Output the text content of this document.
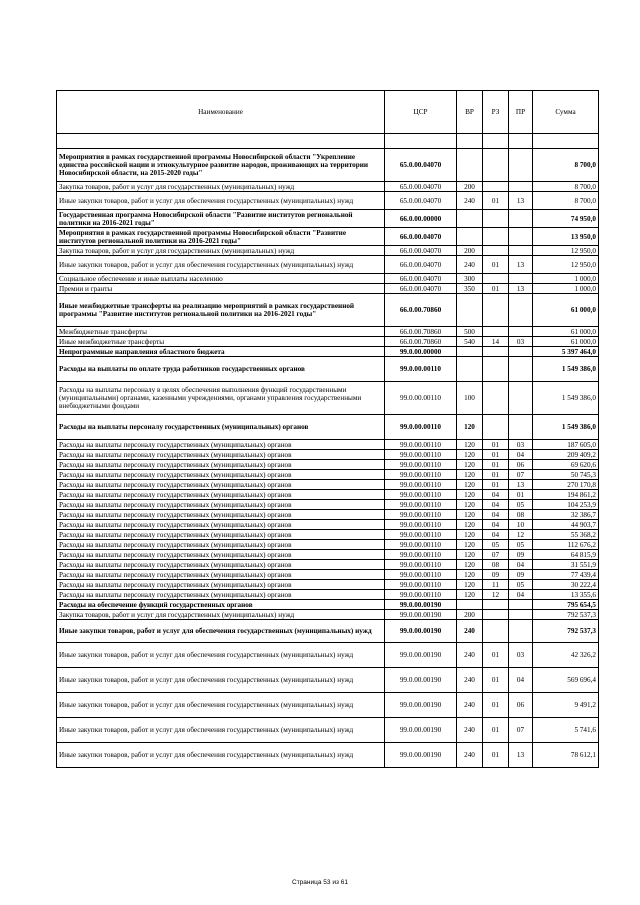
Наименование	ЦСР	ВР	РЗ	ПР	Сумма

Мероприятия в рамках государственной программы Новосибирской области "Укрепление единства российской нации и этнокультурное развитие народов, проживающих на территории Новосибирской области, на 2015-2020 годы"	65.0.00.04070				8 700,0
Закупка товаров, работ и услуг для государственных (муниципальных) нужд	65.0.00.04070	200			8 700,0
Иные закупки товаров, работ и услуг для обеспечения государственных (муниципальных) нужд	65.0.00.04070	240	01	13	8 700,0
Государственная программа Новосибирской области "Развитие институтов региональной политики на 2016-2021 годы"	66.0.00.00000				74 950,0
Мероприятия в рамках государственной программы Новосибирской области "Развитие институтов региональной политики на 2016-2021 годы"	66.0.00.04070				13 950,0
Закупка товаров, работ и услуг для государственных (муниципальных) нужд	66.0.00.04070	200			12 950,0
Иные закупки товаров, работ и услуг для обеспечения государственных (муниципальных) нужд	66.0.00.04070	240	01	13	12 950,0
Социальное обеспечение и иные выплаты населению	66.0.00.04070	300			1 000,0
Премии и гранты	66.0.00.04070	350	01	13	1 000,0
Иные межбюджетные трансферты на реализацию мероприятий в рамках государственной программы "Развитие институтов региональной политики на 2016-2021 годы"	66.0.00.70860				61 000,0
Межбюджетные трансферты	66.0.00.70860	500			61 000,0
Иные межбюджетные трансферты	66.0.00.70860	540	14	03	61 000,0
Непрограммные направления областного бюджета	99.0.00.00000				5 397 464,0
Расходы на выплаты по оплате труда работников государственных органов	99.0.00.00110				1 549 386,0
Расходы на выплаты персоналу в целях обеспечения выполнения функций государственными (муниципальными) органами, казенными учреждениями, органами управления государственными внебюджетными фондами	99.0.00.00110	100			1 549 386,0
Расходы на выплаты персоналу государственных (муниципальных) органов	99.0.00.00110	120			1 549 386,0
Расходы на выплаты персоналу государственных (муниципальных) органов	99.0.00.00110	120	01	03	187 605,0
Расходы на выплаты персоналу государственных (муниципальных) органов	99.0.00.00110	120	01	04	209 409,2
Расходы на выплаты персоналу государственных (муниципальных) органов	99.0.00.00110	120	01	06	69 620,6
Расходы на выплаты персоналу государственных (муниципальных) органов	99.0.00.00110	120	01	07	50 745,3
Расходы на выплаты персоналу государственных (муниципальных) органов	99.0.00.00110	120	01	13	270 170,8
Расходы на выплаты персоналу государственных (муниципальных) органов	99.0.00.00110	120	04	01	194 861,2
Расходы на выплаты персоналу государственных (муниципальных) органов	99.0.00.00110	120	04	05	104 253,9
Расходы на выплаты персоналу государственных (муниципальных) органов	99.0.00.00110	120	04	08	32 386,7
Расходы на выплаты персоналу государственных (муниципальных) органов	99.0.00.00110	120	04	10	44 903,7
Расходы на выплаты персоналу государственных (муниципальных) органов	99.0.00.00110	120	04	12	55 368,2
Расходы на выплаты персоналу государственных (муниципальных) органов	99.0.00.00110	120	05	05	112 676,2
Расходы на выплаты персоналу государственных (муниципальных) органов	99.0.00.00110	120	07	09	64 815,9
Расходы на выплаты персоналу государственных (муниципальных) органов	99.0.00.00110	120	08	04	31 551,9
Расходы на выплаты персоналу государственных (муниципальных) органов	99.0.00.00110	120	09	09	77 439,4
Расходы на выплаты персоналу государственных (муниципальных) органов	99.0.00.00110	120	11	05	30 222,4
Расходы на выплаты персоналу государственных (муниципальных) органов	99.0.00.00110	120	12	04	13 355,6
Расходы на обеспечение функций государственных органов	99.0.00.00190				795 654,5
Закупка товаров, работ и услуг для государственных (муниципальных) нужд	99.0.00.00190	200			792 537,3
Иные закупки товаров, работ и услуг для обеспечения государственных (муниципальных) нужд	99.0.00.00190	240			792 537,3
Иные закупки товаров, работ и услуг для обеспечения государственных (муниципальных) нужд	99.0.00.00190	240	01	03	42 326,2
Иные закупки товаров, работ и услуг для обеспечения государственных (муниципальных) нужд	99.0.00.00190	240	01	04	569 696,4
Иные закупки товаров, работ и услуг для обеспечения государственных (муниципальных) нужд	99.0.00.00190	240	01	06	9 491,2
Иные закупки товаров, работ и услуг для обеспечения государственных (муниципальных) нужд	99.0.00.00190	240	01	07	5 741,6
Иные закупки товаров, работ и услуг для обеспечения государственных (муниципальных) нужд	99.0.00.00190	240	01	13	78 612,1
Страница 53 из 61
